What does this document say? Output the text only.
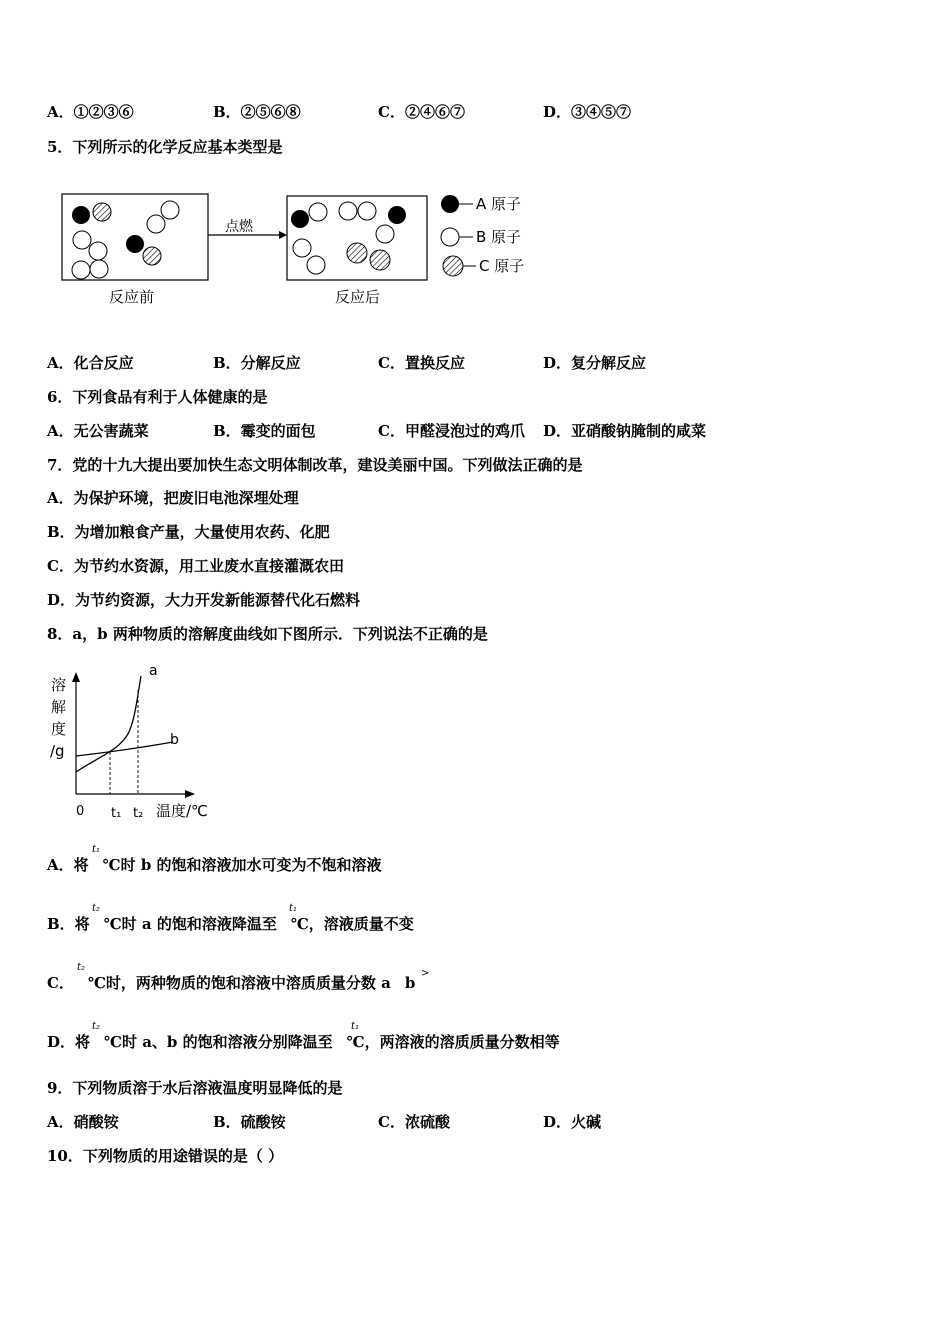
A．①②③⑥	B．②⑤⑥⑧	C．②④⑥⑦	D．③④⑤⑦
5．下列所示的化学反应基本类型是
点燃
反应前	反应后
A 原子
B 原子
C 原子
A．化合反应	B．分解反应	C．置换反应	D．复分解反应
6．下列食品有利于人体健康的是
A．无公害蔬菜	B．霉变的面包	C．甲醛浸泡过的鸡爪 D．亚硝酸钠腌制的咸菜
7．党的十九大提出要加快生态文明体制改革，建设美丽中国。下列做法正确的是
A．为保护环境，把废旧电池深埋处理
B．为增加粮食产量，大量使用农药、化肥
C．为节约水资源，用工业废水直接灌溉农田
D．为节约资源，大力开发新能源替代化石燃料
8．a，b 两种物质的溶解度曲线如下图所示．下列说法不正确的是
溶
解
度
/g
a
b
0 t₁ t₂ 温度/℃
A．将 ℃时 b 的饱和溶液加水可变为不饱和溶液
t₁
B．将 ℃时 a 的饱和溶液降温至 ℃，溶液质量不变
t₂	t₁
C． ℃时，两种物质的饱和溶液中溶质质量分数 a b
t₂
>
D．将 ℃时 a、b 的饱和溶液分别降温至 ℃，两溶液的溶质质量分数相等
t₂	t₁
9．下列物质溶于水后溶液温度明显降低的是
A．硝酸铵	B．硫酸铵	C．浓硫酸	D．火碱
10．下列物质的用途错误的是（ ）
